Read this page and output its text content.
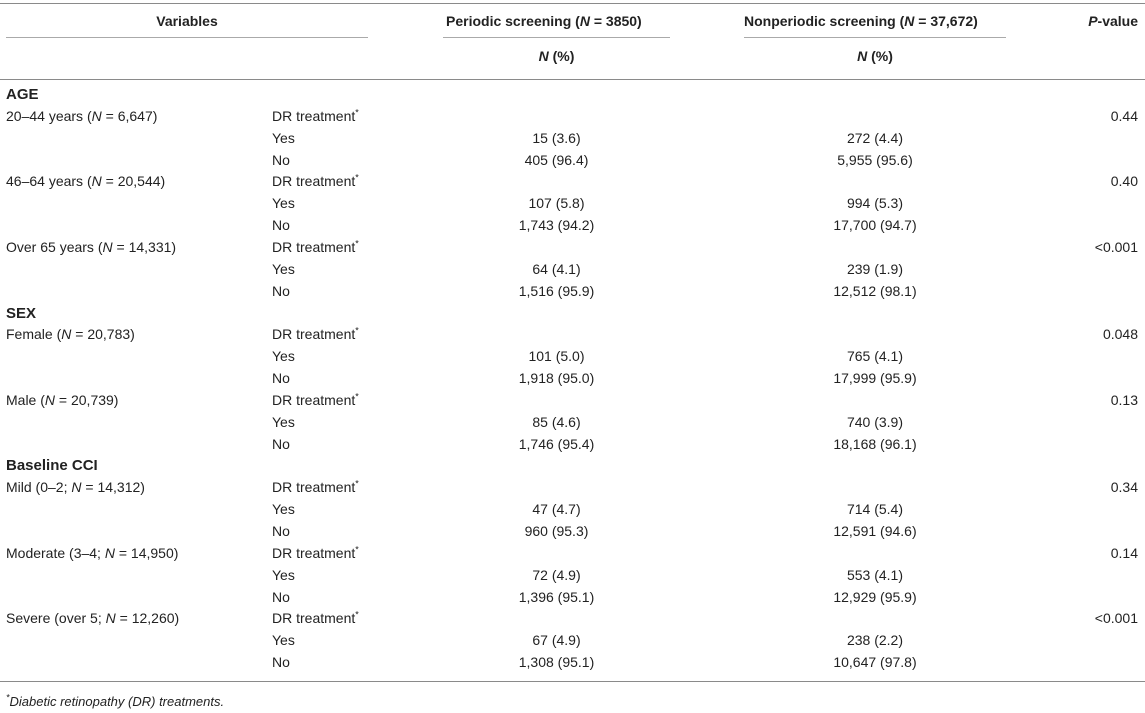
Variables	Periodic screening (N = 3850)	Nonperiodic screening (N = 37,672)	P-value
N (%)	N (%)
AGE
20–44 years (N = 6,647)	DR treatment*	0.44
Yes	15 (3.6)	272 (4.4)
No	405 (96.4)	5,955 (95.6)
46–64 years (N = 20,544)	DR treatment*	0.40
Yes	107 (5.8)	994 (5.3)
No	1,743 (94.2)	17,700 (94.7)
Over 65 years (N = 14,331)	DR treatment*	<0.001
Yes	64 (4.1)	239 (1.9)
No	1,516 (95.9)	12,512 (98.1)
SEX
Female (N = 20,783)	DR treatment*	0.048
Yes	101 (5.0)	765 (4.1)
No	1,918 (95.0)	17,999 (95.9)
Male (N = 20,739)	DR treatment*	0.13
Yes	85 (4.6)	740 (3.9)
No	1,746 (95.4)	18,168 (96.1)
Baseline CCI
Mild (0–2; N = 14,312)	DR treatment*	0.34
Yes	47 (4.7)	714 (5.4)
No	960 (95.3)	12,591 (94.6)
Moderate (3–4; N = 14,950)	DR treatment*	0.14
Yes	72 (4.9)	553 (4.1)
No	1,396 (95.1)	12,929 (95.9)
Severe (over 5; N = 12,260)	DR treatment*	<0.001
Yes	67 (4.9)	238 (2.2)
No	1,308 (95.1)	10,647 (97.8)
*Diabetic retinopathy (DR) treatments.
